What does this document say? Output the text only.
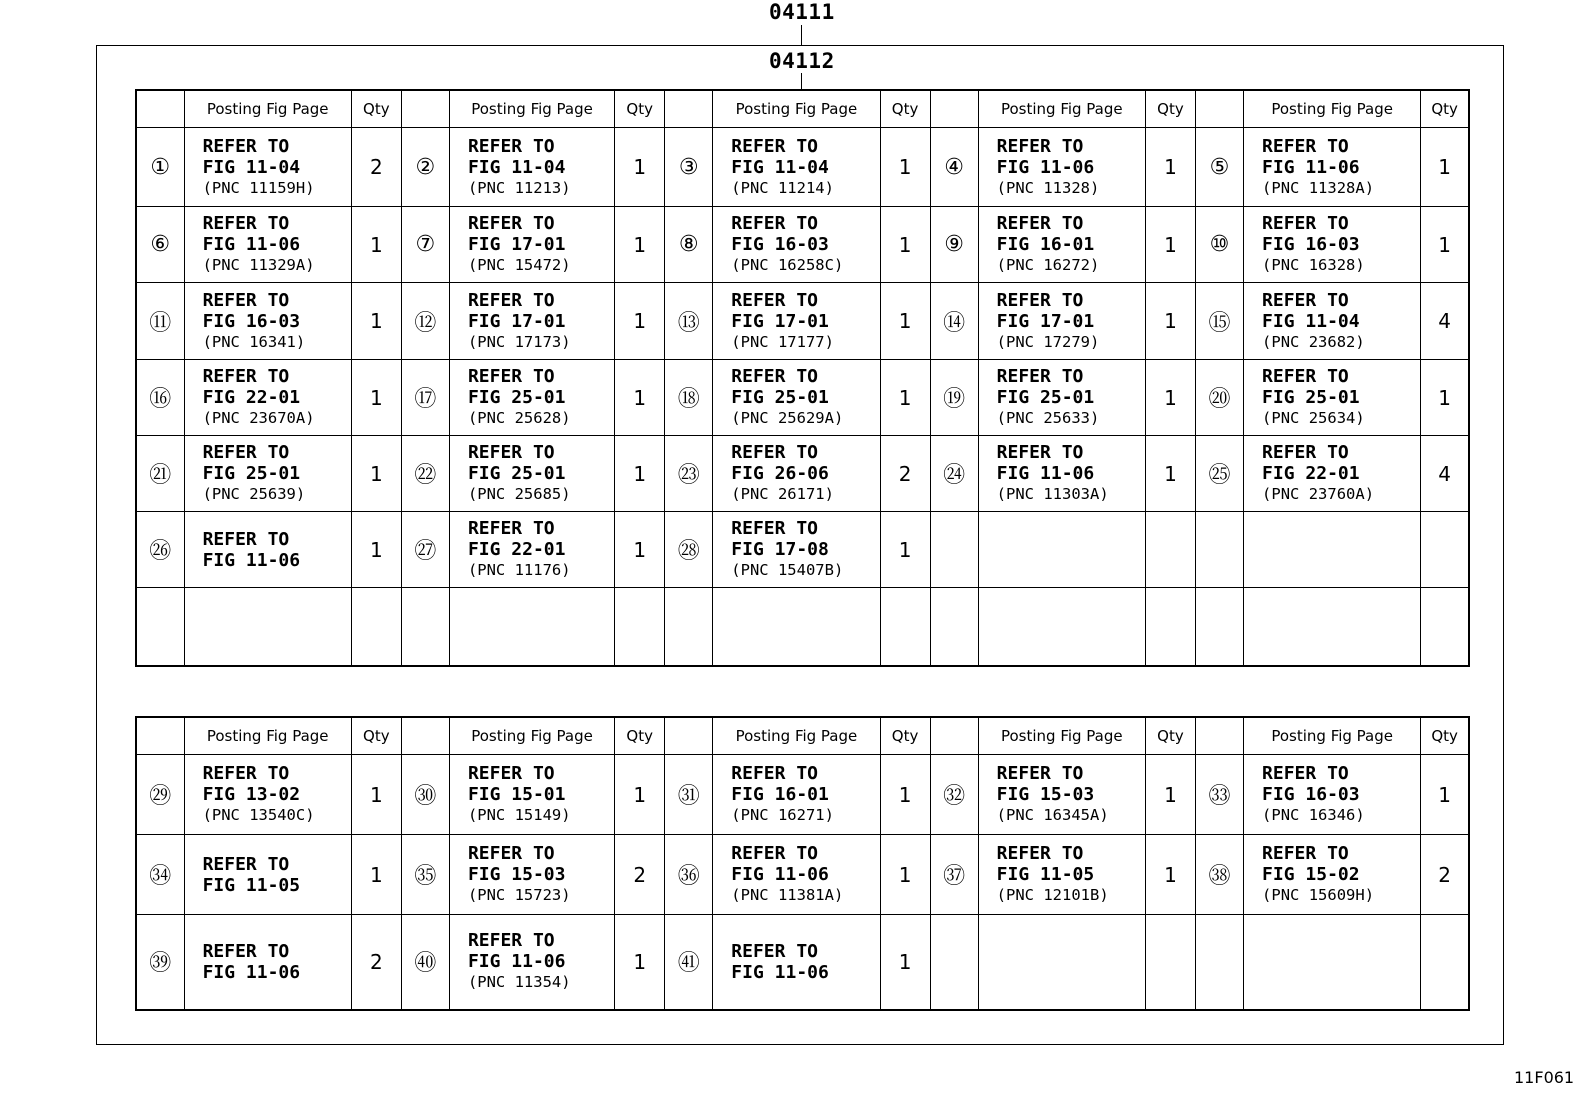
04111
04112
	Posting Fig Page	Qty		Posting Fig Page	Qty		Posting Fig Page	Qty		Posting Fig Page	Qty		Posting Fig Page	Qty
①	REFER TO
FIG 11-04
(PNC 11159H)	2	②	REFER TO
FIG 11-04
(PNC 11213)	1	③	REFER TO
FIG 11-04
(PNC 11214)	1	④	REFER TO
FIG 11-06
(PNC 11328)	1	⑤	REFER TO
FIG 11-06
(PNC 11328A)	1
⑥	REFER TO
FIG 11-06
(PNC 11329A)	1	⑦	REFER TO
FIG 17-01
(PNC 15472)	1	⑧	REFER TO
FIG 16-03
(PNC 16258C)	1	⑨	REFER TO
FIG 16-01
(PNC 16272)	1	⑩	REFER TO
FIG 16-03
(PNC 16328)	1
⑪	REFER TO
FIG 16-03
(PNC 16341)	1	⑫	REFER TO
FIG 17-01
(PNC 17173)	1	⑬	REFER TO
FIG 17-01
(PNC 17177)	1	⑭	REFER TO
FIG 17-01
(PNC 17279)	1	⑮	REFER TO
FIG 11-04
(PNC 23682)	4
⑯	REFER TO
FIG 22-01
(PNC 23670A)	1	⑰	REFER TO
FIG 25-01
(PNC 25628)	1	⑱	REFER TO
FIG 25-01
(PNC 25629A)	1	⑲	REFER TO
FIG 25-01
(PNC 25633)	1	⑳	REFER TO
FIG 25-01
(PNC 25634)	1
㉑	REFER TO
FIG 25-01
(PNC 25639)	1	㉒	REFER TO
FIG 25-01
(PNC 25685)	1	㉓	REFER TO
FIG 26-06
(PNC 26171)	2	㉔	REFER TO
FIG 11-06
(PNC 11303A)	1	㉕	REFER TO
FIG 22-01
(PNC 23760A)	4
㉖	REFER TO
FIG 11-06	1	㉗	REFER TO
FIG 22-01
(PNC 11176)	1	㉘	REFER TO
FIG 17-08
(PNC 15407B)	1						

	Posting Fig Page	Qty		Posting Fig Page	Qty		Posting Fig Page	Qty		Posting Fig Page	Qty		Posting Fig Page	Qty
㉙	REFER TO
FIG 13-02
(PNC 13540C)	1	㉚	REFER TO
FIG 15-01
(PNC 15149)	1	㉛	REFER TO
FIG 16-01
(PNC 16271)	1	㉜	REFER TO
FIG 15-03
(PNC 16345A)	1	㉝	REFER TO
FIG 16-03
(PNC 16346)	1
㉞	REFER TO
FIG 11-05	1	㉟	REFER TO
FIG 15-03
(PNC 15723)	2	㊱	REFER TO
FIG 11-06
(PNC 11381A)	1	㊲	REFER TO
FIG 11-05
(PNC 12101B)	1	㊳	REFER TO
FIG 15-02
(PNC 15609H)	2
㊴	REFER TO
FIG 11-06	2	㊵	REFER TO
FIG 11-06
(PNC 11354)	1	㊶	REFER TO
FIG 11-06	1						
11F061
